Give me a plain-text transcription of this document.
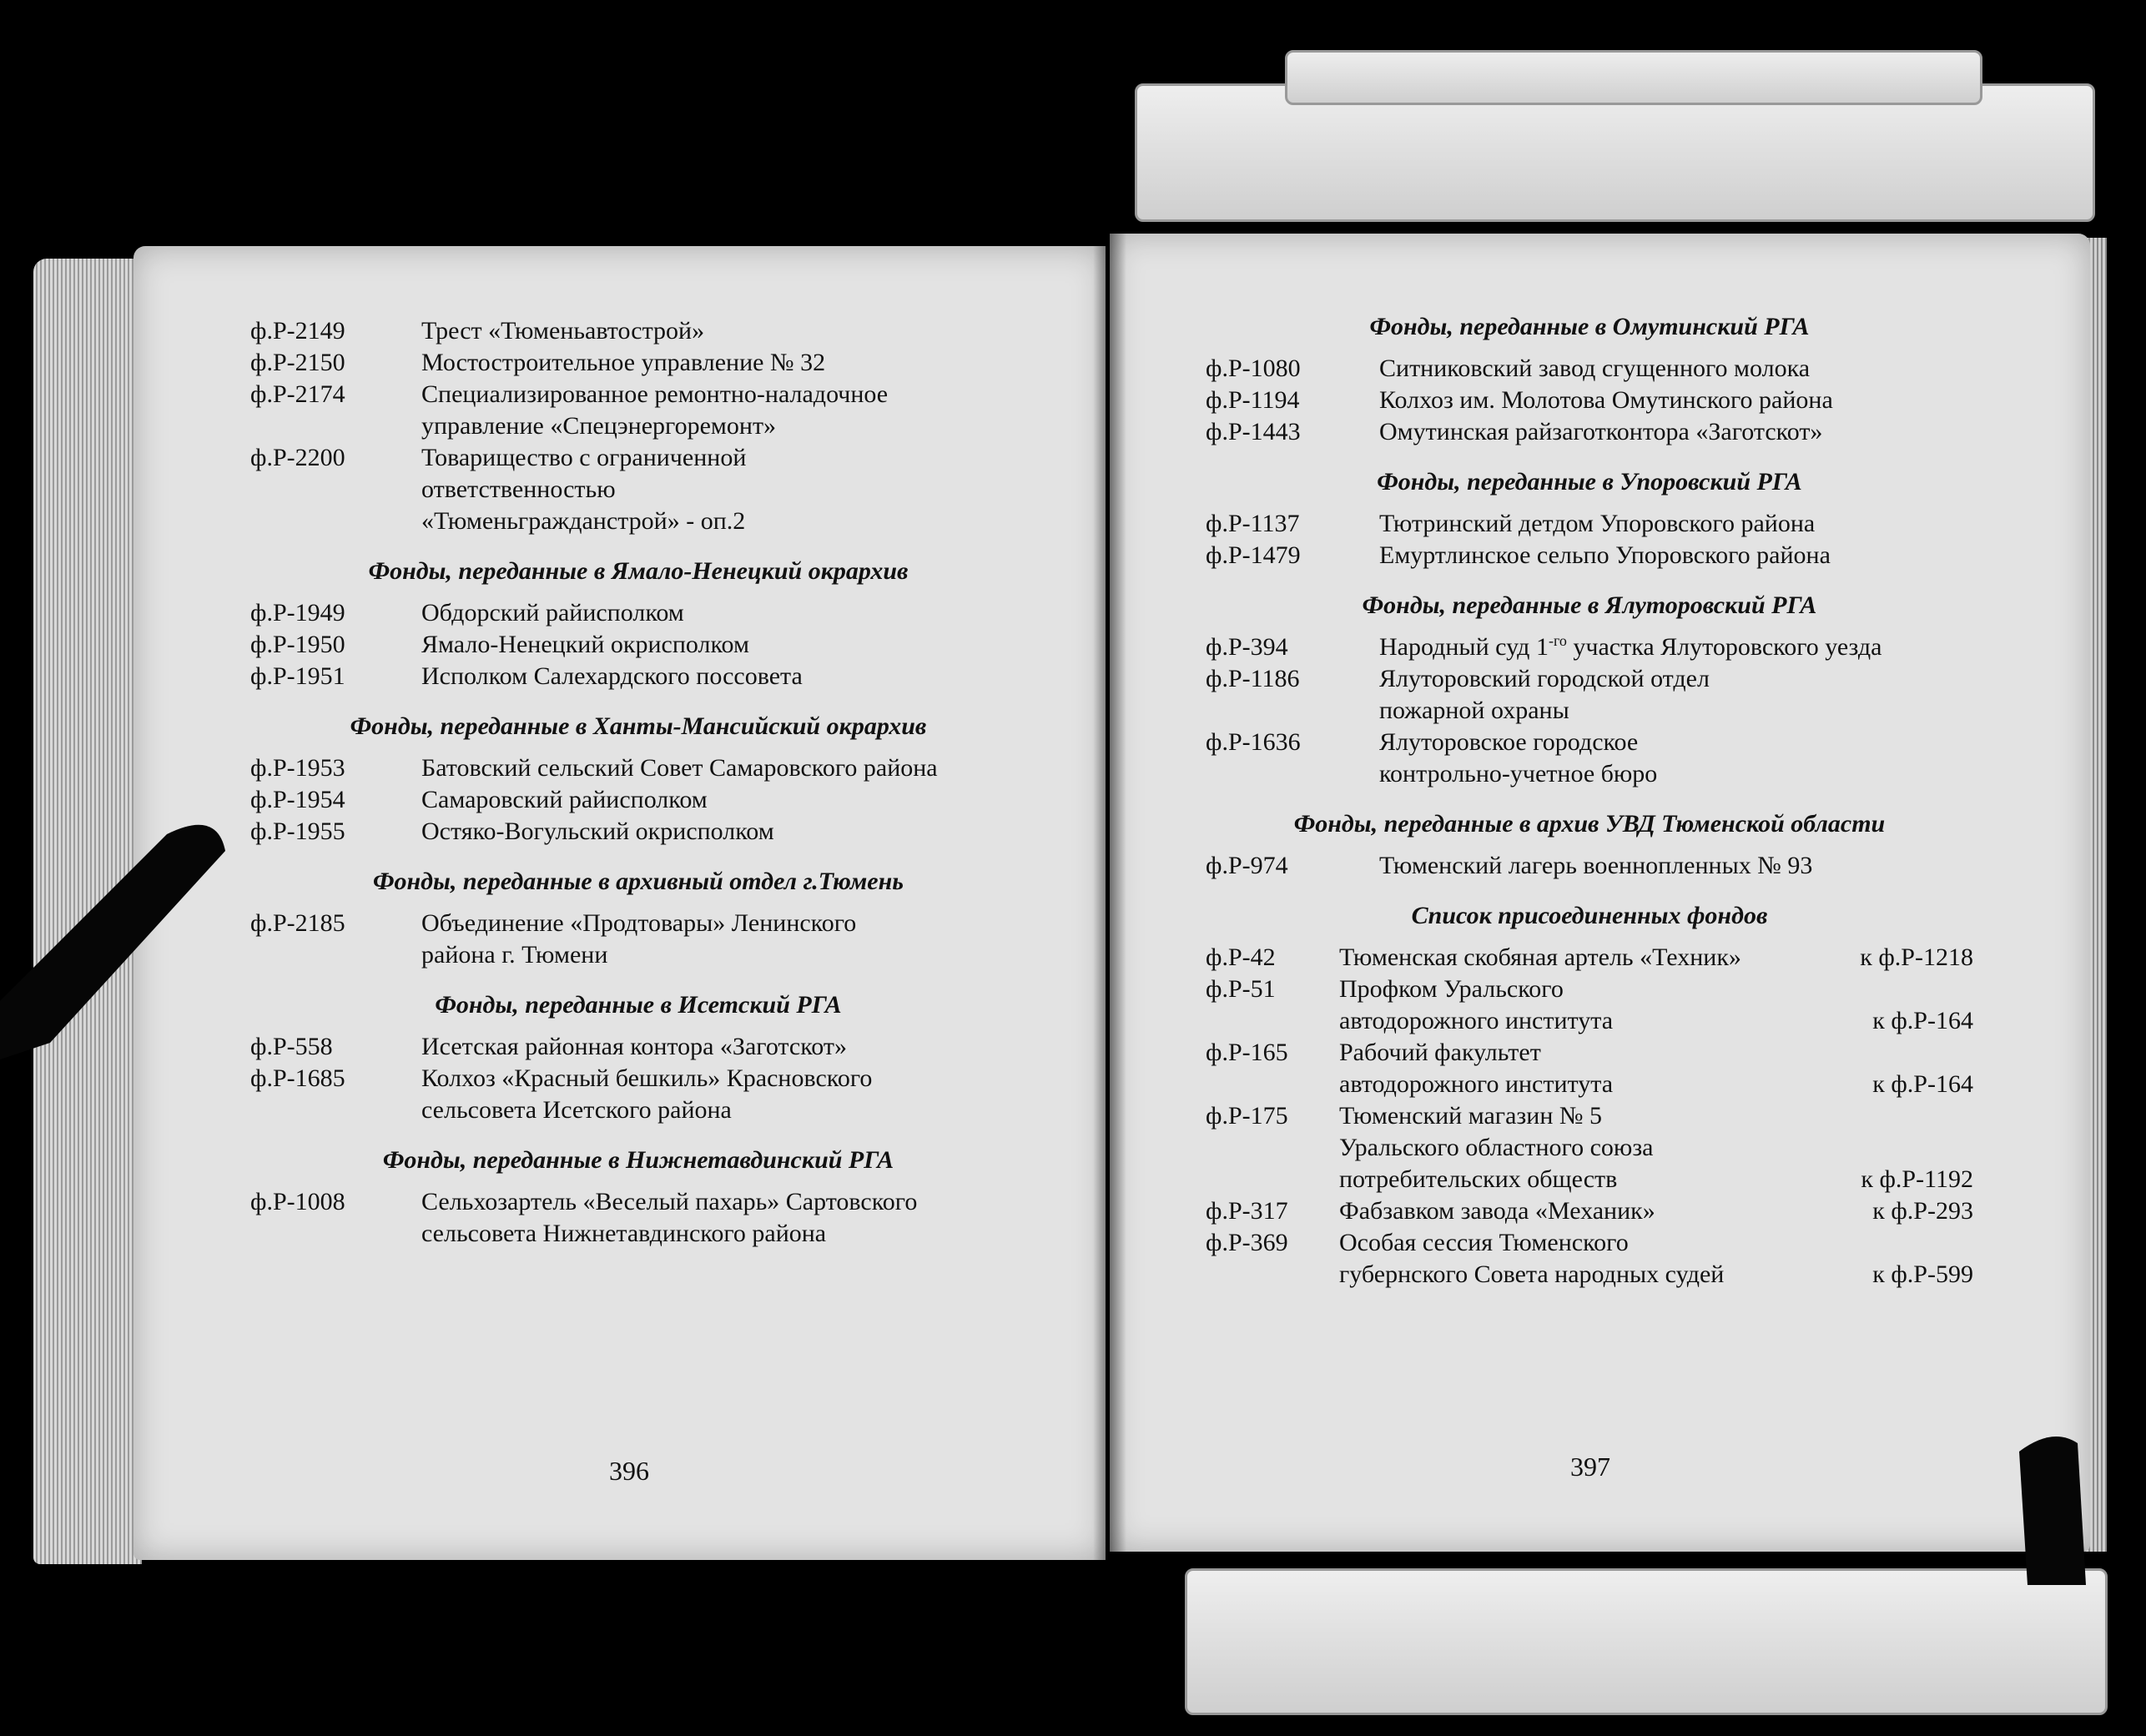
ф.Р-2149	Трест «Тюменьавтострой»
ф.Р-2150	Мостостроительное управление № 32
ф.Р-2174	Специализированное ремонтно-наладочное
управление «Спецэнергоремонт»
ф.Р-2200	Товарищество с ограниченной
ответственностью
«Тюменьгражданстрой» - оп.2
Фонды, переданные в Ямало-Ненецкий окрархив
ф.Р-1949	Обдорский райисполком
ф.Р-1950	Ямало-Ненецкий окрисполком
ф.Р-1951	Исполком Салехардского поссовета
Фонды, переданные в Ханты-Мансийский окрархив
ф.Р-1953	Батовский сельский Совет Самаровского района
ф.Р-1954	Самаровский райисполком
ф.Р-1955	Остяко-Вогульский окрисполком
Фонды, переданные в архивный отдел г.Тюмень
ф.Р-2185	Объединение «Продтовары» Ленинского
района г. Тюмени
Фонды, переданные в Исетский РГА
ф.Р-558	Исетская районная контора «Заготскот»
ф.Р-1685	Колхоз «Красный бешкиль» Красновского
сельсовета Исетского района
Фонды, переданные в Нижнетавдинский РГА
ф.Р-1008	Сельхозартель «Веселый пахарь» Сартовского
сельсовета Нижнетавдинского района
396
Фонды, переданные в Омутинский РГА
ф.Р-1080	Ситниковский завод сгущенного молока
ф.Р-1194	Колхоз им. Молотова Омутинского района
ф.Р-1443	Омутинская райзаготконтора «Заготскот»
Фонды, переданные в Упоровский РГА
ф.Р-1137	Тютринский детдом Упоровского района
ф.Р-1479	Емуртлинское сельпо Упоровского района
Фонды, переданные в Ялуторовский РГА
ф.Р-394	Народный суд $1^{-го}$ участка Ялуторовского уезда
ф.Р-1186	Ялуторовский городской отдел
пожарной охраны
ф.Р-1636	Ялуторовское городское
контрольно-учетное бюро
Фонды, переданные в архив УВД Тюменской области
ф.Р-974	Тюменский лагерь военнопленных № 93
Список присоединенных фондов
ф.Р-42	Тюменская скобяная артель «Техник»	к ф.Р-1218
ф.Р-51	Профком Уральского
автодорожного института	к ф.Р-164
ф.Р-165	Рабочий факультет
автодорожного института	к ф.Р-164
ф.Р-175	Тюменский магазин № 5
Уральского областного союза
потребительских обществ	к ф.Р-1192
ф.Р-317	Фабзавком завода «Механик»	к ф.Р-293
ф.Р-369	Особая сессия Тюменского
губернского Совета народных судей	к ф.Р-599
397
